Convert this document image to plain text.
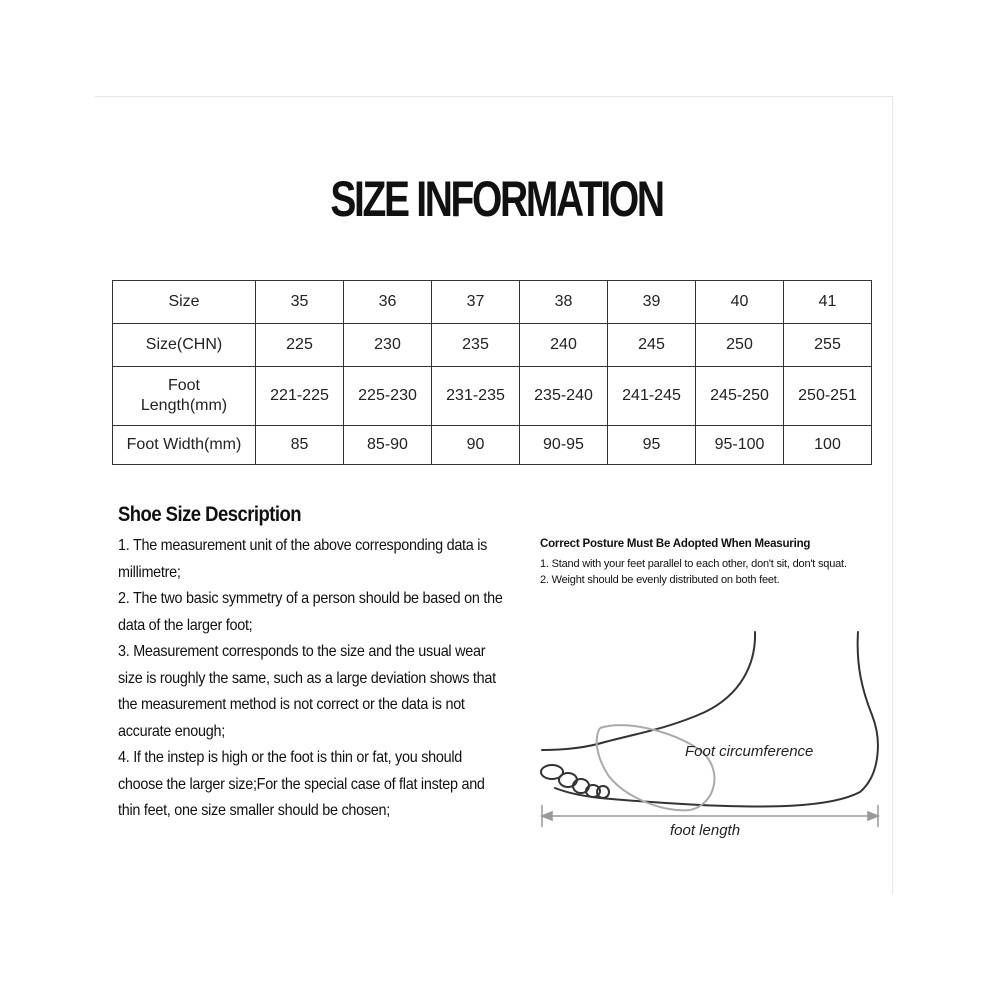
SIZE INFORMATION
Size	35	36	37	38	39	40	41
Size(CHN)	225	230	235	240	245	250	255

Foot
Length(mm)	221-225	225-230	231-235	235-240	241-245	245-250	250-251
Foot Width(mm)	85	85-90	90	90-95	95	95-100	100
Shoe Size Description

1. The measurement unit of the above corresponding data is millimetre;

2. The two basic symmetry of a person should be based on the data of the larger foot;

3. Measurement corresponds to the size and the usual wear size is roughly the same, such as a large deviation shows that the measurement method is not correct or the data is not accurate enough;

4. If the instep is high or the foot is thin or fat, you should choose the larger size;For the special case of flat instep and thin feet, one size smaller should be chosen;

Correct Posture Must Be Adopted When Measuring
1. Stand with your feet parallel to each other, don't sit, don't squat.
2. Weight should be evenly distributed on both feet.
Foot circumference
foot length
